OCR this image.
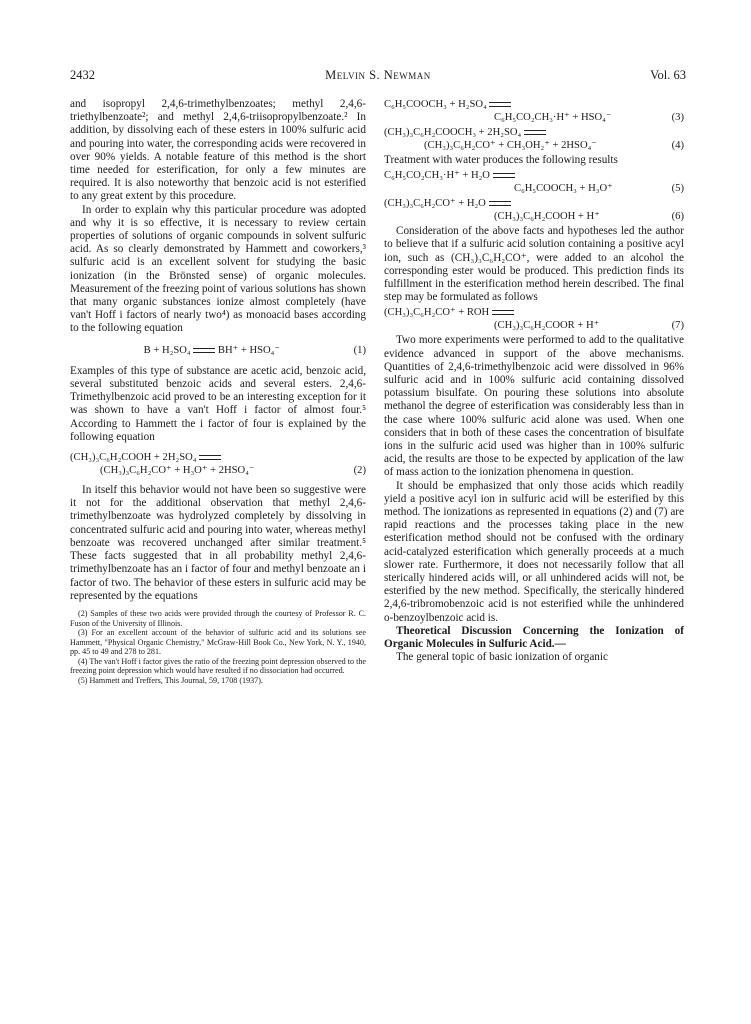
2432	Melvin S. Newman	Vol. 63

and isopropyl 2,4,6-trimethylbenzoates; methyl 2,4,6-triethylbenzoate²; and methyl 2,4,6-triisopropylbenzoate.² In addition, by dissolving each of these esters in 100% sulfuric acid and pouring into water, the corresponding acids were recovered in over 90% yields. A notable feature of this method is the short time needed for esterification, for only a few minutes are required. It is also noteworthy that benzoic acid is not esterified to any great extent by this procedure.

In order to explain why this particular procedure was adopted and why it is so effective, it is necessary to review certain properties of solutions of organic compounds in solvent sulfuric acid. As so clearly demonstrated by Hammett and coworkers,³ sulfuric acid is an excellent solvent for studying the basic ionization (in the Brönsted sense) of organic molecules. Measurement of the freezing point of various solutions has shown that many organic substances ionize almost completely (have van't Hoff i factors of nearly two⁴) as monoacid bases according to the following equation

B + H₂SO₄	BH⁺ + HSO₄⁻	(1)

Examples of this type of substance are acetic acid, benzoic acid, several substituted benzoic acids and several esters. 2,4,6-Trimethylbenzoic acid proved to be an interesting exception for it was shown to have a van't Hoff i factor of almost four.⁵ According to Hammett the i factor of four is explained by the following equation

(CH₃)₃C₆H₂COOH + 2H₂SO₄
(CH₃)₃C₆H₂CO⁺ + H₃O⁺ + 2HSO₄⁻	(2)

In itself this behavior would not have been so suggestive were it not for the additional observation that methyl 2,4,6-trimethylbenzoate was hydrolyzed completely by dissolving in concentrated sulfuric acid and pouring into water, whereas methyl benzoate was recovered unchanged after similar treatment.⁵ These facts suggested that in all probability methyl 2,4,6-trimethylbenzoate has an i factor of four and methyl benzoate an i factor of two. The behavior of these esters in sulfuric acid may be represented by the equations

(2) Samples of these two acids were provided through the courtesy of Professor R. C. Fuson of the University of Illinois.

(3) For an excellent account of the behavior of sulfuric acid and its solutions see Hammett, "Physical Organic Chemistry," McGraw-Hill Book Co., New York, N. Y., 1940, pp. 45 to 49 and 278 to 281.

(4) The van't Hoff i factor gives the ratio of the freezing point depression observed to the freezing point depression which would have resulted if no dissociation had occurred.

(5) Hammett and Treffers, This Journal, 59, 1708 (1937).

C₆H₅COOCH₃ + H₂SO₄
C₆H₅CO₂CH₃·H⁺ + HSO₄⁻	(3)
(CH₃)₃C₆H₂COOCH₃ + 2H₂SO₄
(CH₃)₃C₆H₂CO⁺ + CH₃OH₂⁺ + 2HSO₄⁻	(4)

Treatment with water produces the following results

C₆H₅CO₂CH₃·H⁺ + H₂O
C₆H₅COOCH₃ + H₃O⁺	(5)
(CH₃)₃C₆H₂CO⁺ + H₂O
(CH₃)₃C₆H₂COOH + H⁺	(6)

Consideration of the above facts and hypotheses led the author to believe that if a sulfuric acid solution containing a positive acyl ion, such as (CH₃)₃C₆H₂CO⁺, were added to an alcohol the corresponding ester would be produced. This prediction finds its fulfillment in the esterification method herein described. The final step may be formulated as follows

(CH₃)₃C₆H₂CO⁺ + ROH
(CH₃)₃C₆H₂COOR + H⁺	(7)

Two more experiments were performed to add to the qualitative evidence advanced in support of the above mechanisms. Quantities of 2,4,6-trimethylbenzoic acid were dissolved in 96% sulfuric acid and in 100% sulfuric acid containing dissolved potassium bisulfate. On pouring these solutions into absolute methanol the degree of esterification was considerably less than in the case where 100% sulfuric acid alone was used. When one considers that in both of these cases the concentration of bisulfate ions in the sulfuric acid used was higher than in 100% sulfuric acid, the results are those to be expected by application of the law of mass action to the ionization phenomena in question.

It should be emphasized that only those acids which readily yield a positive acyl ion in sulfuric acid will be esterified by this method. The ionizations as represented in equations (2) and (7) are rapid reactions and the processes taking place in the new esterification method should not be confused with the ordinary acid-catalyzed esterification which generally proceeds at a much slower rate. Furthermore, it does not necessarily follow that all sterically hindered acids will, or all unhindered acids will not, be esterified by the new method. Specifically, the sterically hindered 2,4,6-tribromobenzoic acid is not esterified while the unhindered o-benzoylbenzoic acid is.

Theoretical Discussion Concerning the Ionization of Organic Molecules in Sulfuric Acid.—

The general topic of basic ionization of organic
